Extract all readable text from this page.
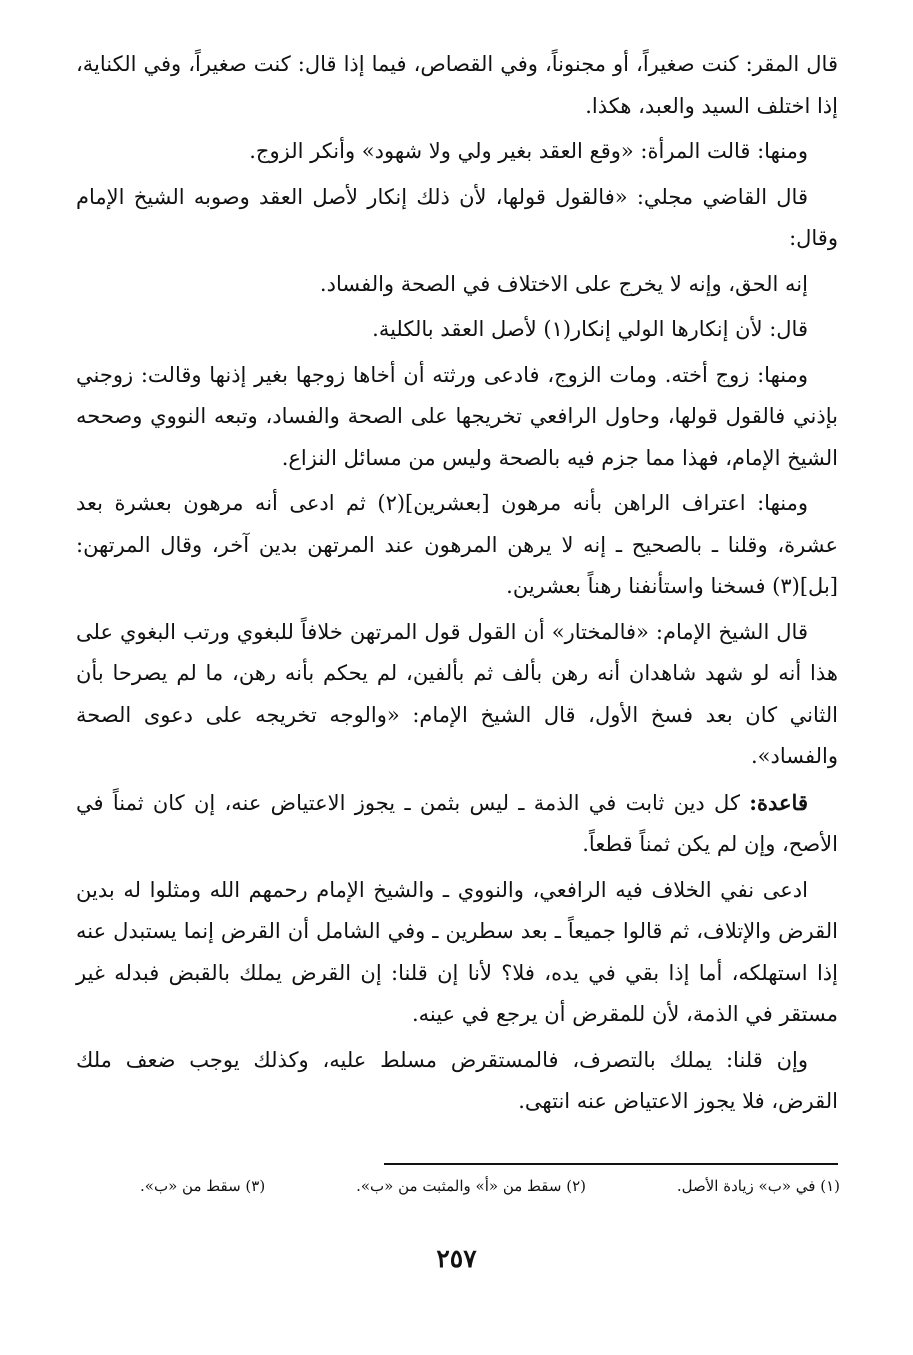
قال المقر: كنت صغيراً، أو مجنوناً، وفي القصاص، فيما إذا قال: كنت صغيراً، وفي الكناية، إذا اختلف السيد والعبد، هكذا.

ومنها: قالت المرأة: «وقع العقد بغير ولي ولا شهود» وأنكر الزوج.

قال القاضي مجلي: «فالقول قولها، لأن ذلك إنكار لأصل العقد وصوبه الشيخ الإمام وقال:

إنه الحق، وإنه لا يخرج على الاختلاف في الصحة والفساد.

قال: لأن إنكارها الولي إنكار(١) لأصل العقد بالكلية.

ومنها: زوج أخته. ومات الزوج، فادعى ورثته أن أخاها زوجها بغير إذنها وقالت: زوجني بإذني فالقول قولها، وحاول الرافعي تخريجها على الصحة والفساد، وتبعه النووي وصححه الشيخ الإمام، فهذا مما جزم فيه بالصحة وليس من مسائل النزاع.

ومنها: اعتراف الراهن بأنه مرهون [بعشرين](٢) ثم ادعى أنه مرهون بعشرة بعد عشرة، وقلنا ـ بالصحيح ـ إنه لا يرهن المرهون عند المرتهن بدين آخر، وقال المرتهن: [بل](٣) فسخنا واستأنفنا رهناً بعشرين.

قال الشيخ الإمام: «فالمختار» أن القول قول المرتهن خلافاً للبغوي ورتب البغوي على هذا أنه لو شهد شاهدان أنه رهن بألف ثم بألفين، لم يحكم بأنه رهن، ما لم يصرحا بأن الثاني كان بعد فسخ الأول، قال الشيخ الإمام: «والوجه تخريجه على دعوى الصحة والفساد».

قاعدة: كل دين ثابت في الذمة ـ ليس بثمن ـ يجوز الاعتياض عنه، إن كان ثمناً في الأصح، وإن لم يكن ثمناً قطعاً.

ادعى نفي الخلاف فيه الرافعي، والنووي ـ والشيخ الإمام رحمهم الله ومثلوا له بدين القرض والإتلاف، ثم قالوا جميعاً ـ بعد سطرين ـ وفي الشامل أن القرض إنما يستبدل عنه إذا استهلكه، أما إذا بقي في يده، فلا؟ لأنا إن قلنا: إن القرض يملك بالقبض فبدله غير مستقر في الذمة، لأن للمقرض أن يرجع في عينه.

وإن قلنا: يملك بالتصرف، فالمستقرض مسلط عليه، وكذلك يوجب ضعف ملك القرض، فلا يجوز الاعتياض عنه انتهى.

(١) في «ب» زيادة الأصل.
(٢) سقط من «أ» والمثبت من «ب».
(٣) سقط من «ب».
٢٥٧
